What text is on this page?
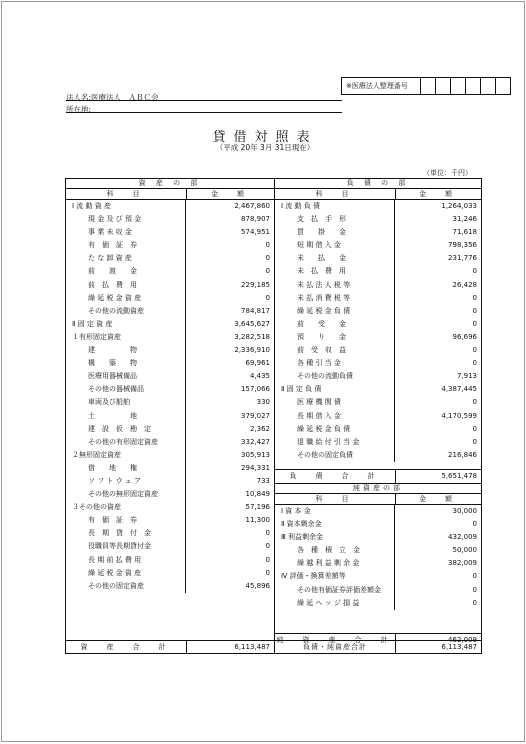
※医療法人整理番号
法人名:医療法人　ＡＢＣ会
所在地:
貸借対照表
（平成 20年 3月 31日現在）
（単位：千円）
資 産 の 部
科　目	金　額
Ⅰ 流 動 資 産	2,467,860
現 金 及 び 預 金	878,907
事 業 未 収 金	574,951
有　価　証　券	0
た な 卸 資 産	0
前　　渡　　金	0
前　払　費　用	229,185
繰 延 税 金 資 産	0
その他の流動資産	784,817
Ⅱ 固 定 資 産	3,645,627
１有形固定資産	3,282,518
建　　　　　物	2,336,910
構　　築　　物	69,961
医療用器械備品	4,435
その他の器械備品	157,066
車両及び船舶	330
土　　　　　地	379,027
建　設　仮　勘　定	2,362
その他の有形固定資産	332,427
２無形固定資産	305,913
借　　地　　権	294,331
ソ フ ト ウ ェ ア	733
その他の無形固定資産	10,849
３その他の資産	57,196
有　価　証　券	11,300
長　期　貸　付　金	0
役職員等長期貸付金	0
長 期 前 払 費 用	0
繰 延 税 金 資 産	0
その他の固定資産	45,896
資　産　合　計	6,113,487
負 債 の 部
科　目	金　額
Ⅰ 流 動 負 債	1,264,033
支　払　手　形	31,246
買　　掛　　金	71,618
短 期 借 入 金	798,356
未　　払　　金	231,776
未　払　費　用	0
未 払 法 人 税 等	26,428
未 払 消 費 税 等	0
繰 延 税 金 負 債	0
前　　受　　金	0
預　　り　　金	96,696
前　受　収　益	0
各 種 引 当 金	0
その他の流動負債	7,913
Ⅱ 固 定 負 債	4,387,445
医 療 機 関 債	0
長 期 借 入 金	4,170,599
繰 延 税 金 負 債	0
退 職 給 付 引 当 金	0
その他の固定負債	216,846
負　債　合　計	5,651,478
純資産の部
科　目	金　額
Ⅰ 資 本 金	30,000
Ⅱ 資本剰余金	0
Ⅲ 利益剰余金	432,009
各　種　積　立　金	50,000
繰 越 利 益 剰 余 金	382,009
Ⅳ 評価・換算差額等	0
その他有価証券評価差額金	0
繰 延 ヘ ッ ジ 損 益	0
純　資　産　合　計	462,009
負債・純資産合計	6,113,487
